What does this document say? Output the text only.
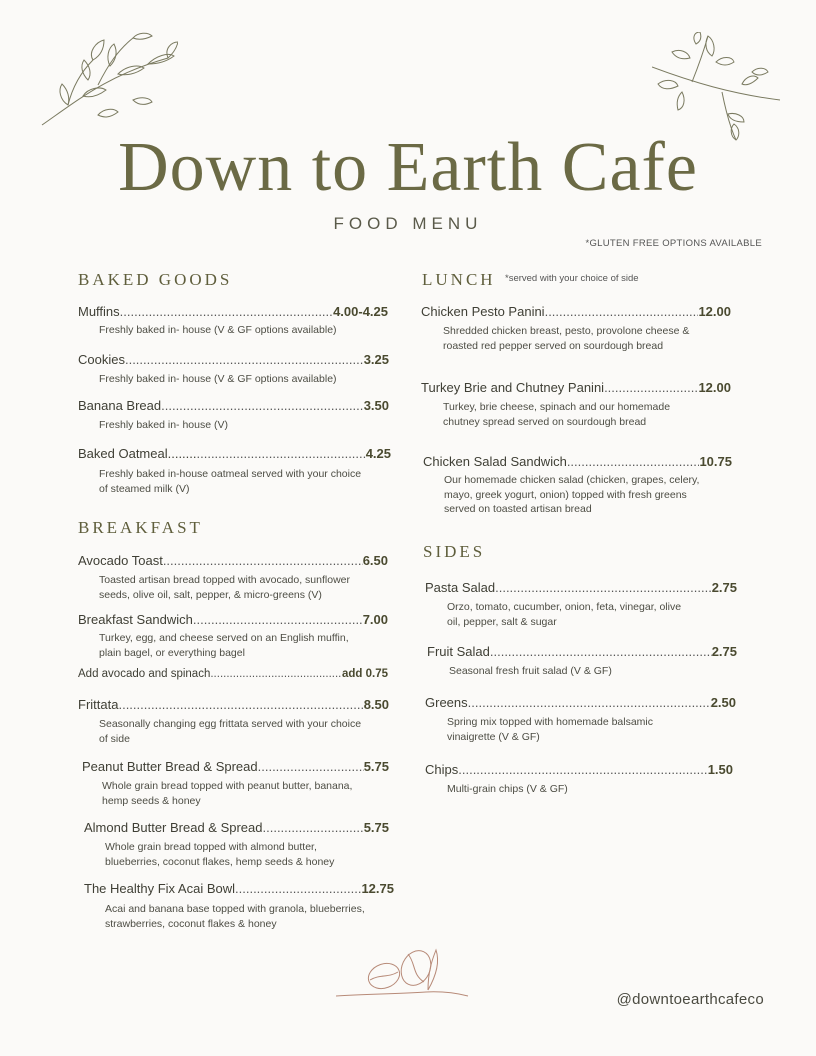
Down to Earth Cafe
FOOD MENU
*GLUTEN FREE OPTIONS AVAILABLE
BAKED GOODS
Muffins .....	4.00-4.25
Freshly baked in- house (V & GF options available)
Cookies .....	3.25
Freshly baked in- house (V & GF options available)
Banana Bread .....	3.50
Freshly baked in- house (V)
Baked Oatmeal........ .....	4.25
Freshly baked in-house oatmeal served with your choice
of steamed milk (V)
BREAKFAST
Avocado Toast .....	6.50
Toasted artisan bread topped with avocado, sunflower
seeds, olive oil, salt, pepper, & micro-greens (V)
Breakfast Sandwich .....	7.00
Turkey, egg, and cheese served on an English muffin,
plain bagel, or everything bagel
Add avocado and spinach .....	add 0.75
Frittata .....	8.50
Seasonally changing egg frittata served with your choice
of side
Peanut Butter Bread & Spread .....	5.75
Whole grain bread topped with peanut butter, banana,
hemp seeds & honey
Almond Butter Bread & Spread .....	5.75
Whole grain bread topped with almond butter,
blueberries, coconut flakes, hemp seeds & honey
The Healthy Fix Acai Bowl .....	12.75
Acai and banana base topped with granola, blueberries,
strawberries, coconut flakes & honey
LUNCH *served with your choice of side
Chicken Pesto Panini .....	12.00
Shredded chicken breast, pesto, provolone cheese &
roasted red pepper served on sourdough bread
Turkey Brie and Chutney Panini .....	12.00
Turkey, brie cheese, spinach and our homemade
chutney spread served on sourdough bread
Chicken Salad Sandwich .....	10.75
Our homemade chicken salad (chicken, grapes, celery,
mayo, greek yogurt, onion) topped with fresh greens
served on toasted artisan bread
SIDES
Pasta Salad .....	2.75
Orzo, tomato, cucumber, onion, feta, vinegar, olive
oil, pepper, salt & sugar
Fruit Salad .....	2.75
Seasonal fresh fruit salad (V & GF)
Greens .....	2.50
Spring mix topped with homemade balsamic
vinaigrette (V & GF)
Chips .....	1.50
Multi-grain chips (V & GF)
@downtoearthcafeco
